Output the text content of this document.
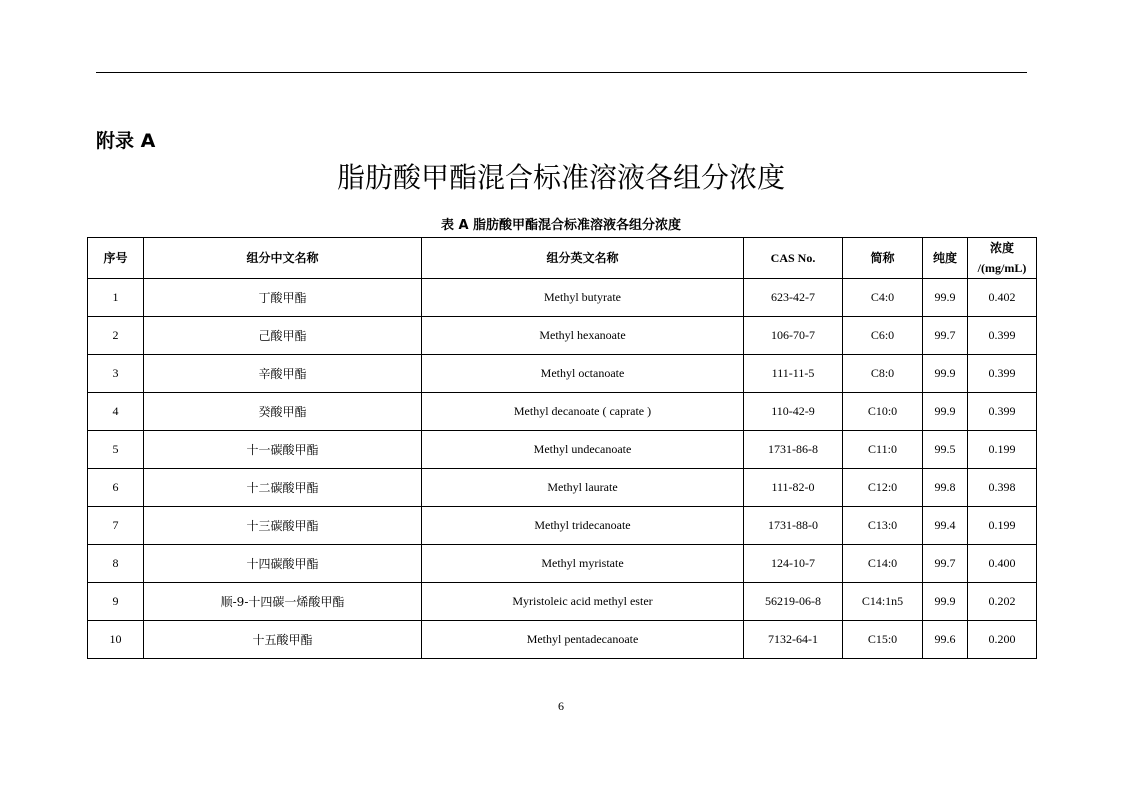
附录 A
脂肪酸甲酯混合标准溶液各组分浓度
表 A 脂肪酸甲酯混合标准溶液各组分浓度
序号	组分中文名称	组分英文名称	CAS No.	简称	纯度	浓度
/(mg/mL)

1	丁酸甲酯	Methyl butyrate	623-42-7	C4:0	99.9	0.402
2	己酸甲酯	Methyl hexanoate	106-70-7	C6:0	99.7	0.399
3	辛酸甲酯	Methyl octanoate	111-11-5	C8:0	99.9	0.399
4	癸酸甲酯	Methyl decanoate ( caprate )	110-42-9	C10:0	99.9	0.399
5	十一碳酸甲酯	Methyl undecanoate	1731-86-8	C11:0	99.5	0.199
6	十二碳酸甲酯	Methyl laurate	111-82-0	C12:0	99.8	0.398
7	十三碳酸甲酯	Methyl tridecanoate	1731-88-0	C13:0	99.4	0.199
8	十四碳酸甲酯	Methyl myristate	124-10-7	C14:0	99.7	0.400
9	顺-9-十四碳一烯酸甲酯	Myristoleic acid methyl ester	56219-06-8	C14:1n5	99.9	0.202
10	十五酸甲酯	Methyl pentadecanoate	7132-64-1	C15:0	99.6	0.200
6
